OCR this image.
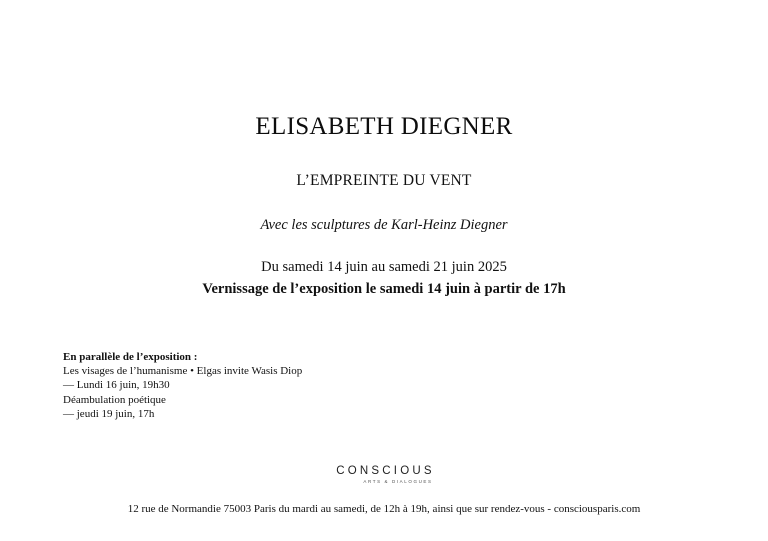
ELISABETH DIEGNER
L’EMPREINTE DU VENT
Avec les sculptures de Karl-Heinz Diegner
Du samedi 14 juin au samedi 21 juin 2025
Vernissage de l’exposition le samedi 14 juin à partir de 17h
En parallèle de l’exposition :
Les visages de l’humanisme • Elgas invite Wasis Diop
— Lundi 16 juin, 19h30
Déambulation poétique
— jeudi 19 juin, 17h
CONSCIOUS
ARTS & DIALOGUES
12 rue de Normandie 75003 Paris du mardi au samedi, de 12h à 19h, ainsi que sur rendez-vous - consciousparis.com
